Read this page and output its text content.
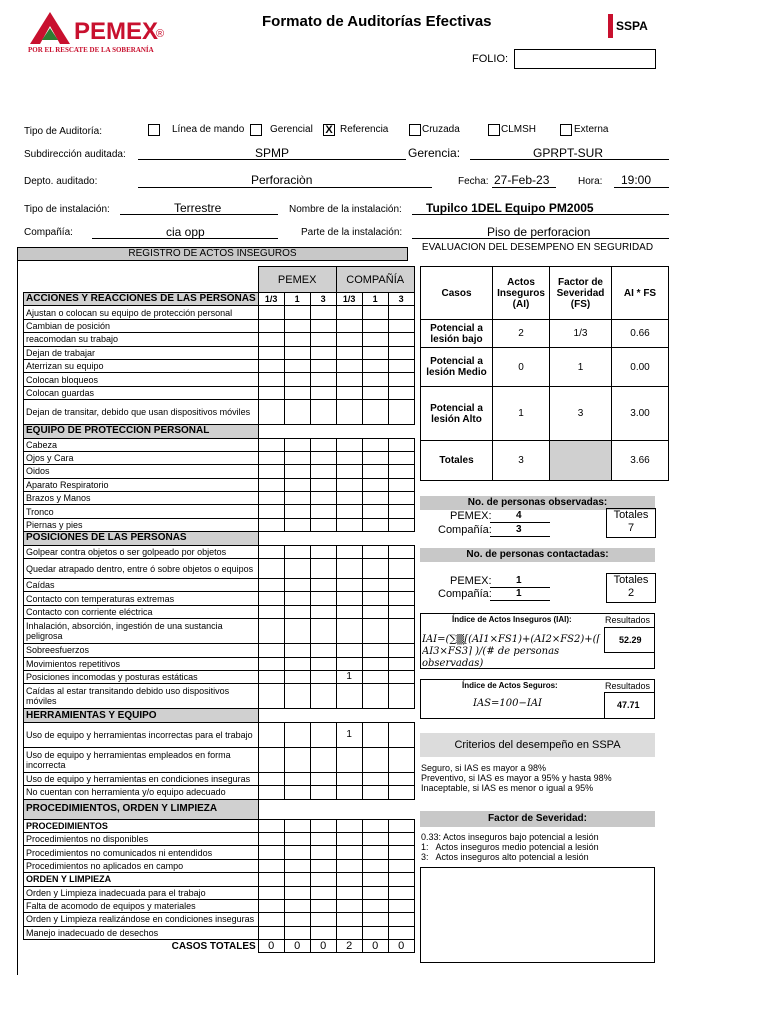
PEMEX
®
POR EL RESCATE DE LA SOBERANÍA
Formato de Auditorías Efectivas	SSPA
FOLIO:
Tipo de Auditoría:	Línea de mando	Gerencial X Referencia	Cruzada	CLMSH	Externa
Subdirección auditada:	SPMP	Gerencia:	GPRPT-SUR
Depto. auditado:	Perforaciòn	Fecha: 27-Feb-23	Hora: 19:00
Tipo de instalación:	Terrestre	Nombre de la instalación: Tupilco 1DEL Equipo PM2005
Compañía:	cia opp	Parte de la instalación:	Piso de perforacion
REGISTRO DE ACTOS INSEGUROS
	PEMEX			COMPAÑÍA		
ACCIONES Y REACCIONES DE LAS PERSONAS	1/3	1	3	1/3	1	3
Ajustan o colocan su equipo de protección personal						
Cambian de posición						
reacomodan su trabajo						
Dejan de trabajar						
Aterrizan su equipo						
Colocan bloqueos						
Colocan guardas						
Dejan de transitar, debido que usan dispositivos móviles						
EQUIPO DE PROTECCIÓN PERSONAL						
Cabeza						
Ojos y Cara						
Oidos						
Aparato Respiratorio						
Brazos y Manos						
Tronco						
Piernas y pies						
POSICIONES DE LAS PERSONAS						
Golpear contra objetos o ser golpeado por objetos						
Quedar atrapado dentro, entre ó sobre objetos o equipos						
Caídas						
Contacto con temperaturas extremas						
Contacto con corriente eléctrica						
Inhalación, absorción, ingestión de una sustancia peligrosa						
Sobreesfuerzos						
Movimientos repetitivos						
Posiciones incomodas y posturas estáticas				1		
Caídas al estar transitando debido uso dispositivos móviles						
HERRAMIENTAS Y EQUIPO						
Uso de equipo y herramientas incorrectas para el trabajo				1		
Uso de equipo y herramientas empleados en forma incorrecta						
Uso de equipo y herramientas en condiciones inseguras						
No cuentan con herramienta y/o equipo adecuado						
PROCEDIMIENTOS, ORDEN Y LIMPIEZA						
PROCEDIMIENTOS						
Procedimientos no disponibles						
Procedimientos no comunicados ni entendidos						
Procedimientos no aplicados en campo						
ORDEN Y LIMPIEZA						
Orden y Limpieza inadecuada para el trabajo						
Falta de acomodo de equipos y materiales						
Orden y Limpieza realizándose en condiciones inseguras						
Manejo inadecuado de desechos						
CASOS TOTALES	0	0	0	2	0	0
EVALUACIÓN DEL DESEMPEÑO EN SEGURIDAD
Casos	Actos Inseguros (AI)	Factor de Severidad (FS)	AI * FS
Potencial a lesión bajo	2	1/3	0.66
Potencial a lesión Medio	0	1	0.00
Potencial a lesión Alto	1	3	3.00
Totales	3		3.66
No. de personas observadas:
PEMEX: 4
Compañía: 3
Totales
7
No. de personas contactadas:
PEMEX: 1
Compañía: 1
Totales
2
Índice de Actos Inseguros (IAI):	Resultados
52.29
IAI=(∑▒[(AI1×FS1)+(AI2×FS2)+(⌈ AI3×FS3⌉ )/(# de personas observadas)
Índice de Actos Seguros:	Resultados
47.71
IAS=100−IAI
Criterios del desempeño en SSPA
Seguro, si IAS es mayor a 98%
Preventivo, si IAS es mayor a 95% y hasta 98%
Inaceptable, si IAS es menor o igual a 95%
Factor de Severidad:
0.33: Actos inseguros bajo potencial a lesión
1:   Actos inseguros medio potencial a lesión
3:   Actos inseguros alto potencial a lesión
